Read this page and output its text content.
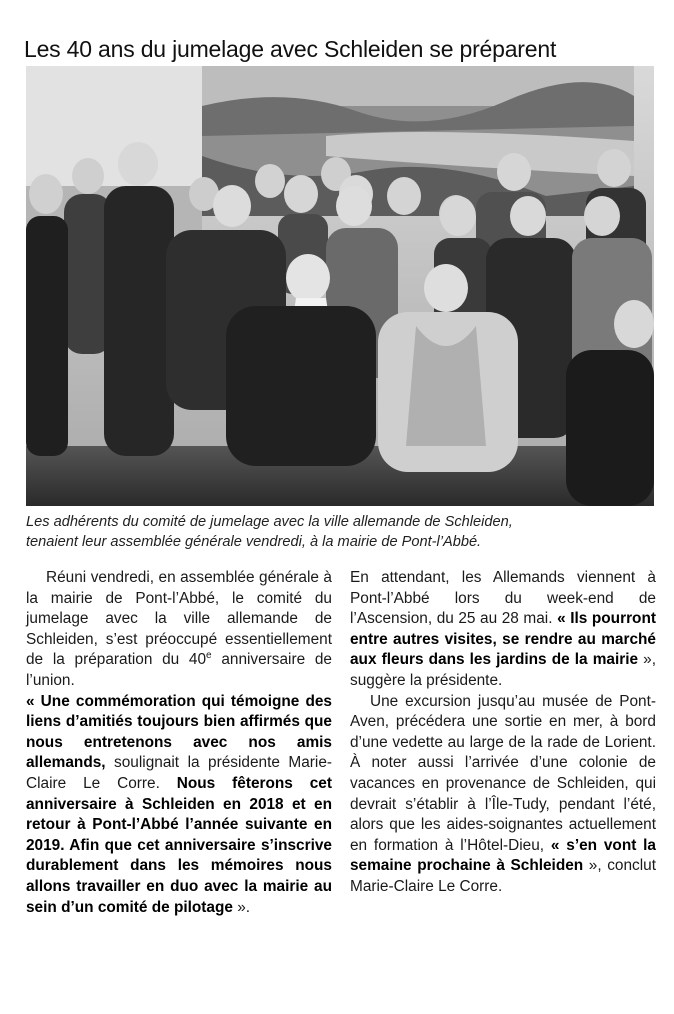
Les 40 ans du jumelage avec Schleiden se préparent
Les adhérents du comité de jumelage avec la ville allemande de Schleiden,
tenaient leur assemblée générale vendredi, à la mairie de Pont-l’Abbé.

Réuni vendredi, en assemblée générale à la mairie de Pont-l’Abbé, le comité du jumelage avec la ville allemande de Schleiden, s’est préoccupé essentiellement de la préparation du 40e anniversaire de l’union.

« Une commémoration qui témoigne des liens d’amitiés toujours bien affirmés que nous entretenons avec nos amis allemands, soulignait la présidente Marie-Claire Le Corre. Nous fêterons cet anniversaire à Schleiden en 2018 et en retour à Pont-l’Abbé l’année suivante en 2019. Afin que cet anniversaire s’inscrive durablement dans les mémoires nous allons travailler en duo avec la mairie au sein d’un comité de pilotage ».

En attendant, les Allemands viennent à Pont-l’Abbé lors du week-end de l’Ascension, du 25 au 28 mai. « Ils pourront entre autres visites, se rendre au marché aux fleurs dans les jardins de la mairie », suggère la présidente.

Une excursion jusqu’au musée de Pont-Aven, précédera une sortie en mer, à bord d’une vedette au large de la rade de Lorient. À noter aussi l’arrivée d’une colonie de vacances en provenance de Schleiden, qui devrait s’établir à l’Île-Tudy, pendant l’été, alors que les aides-soignantes actuellement en formation à l’Hôtel-Dieu, « s’en vont la semaine prochaine à Schleiden », conclut Marie-Claire Le Corre.
